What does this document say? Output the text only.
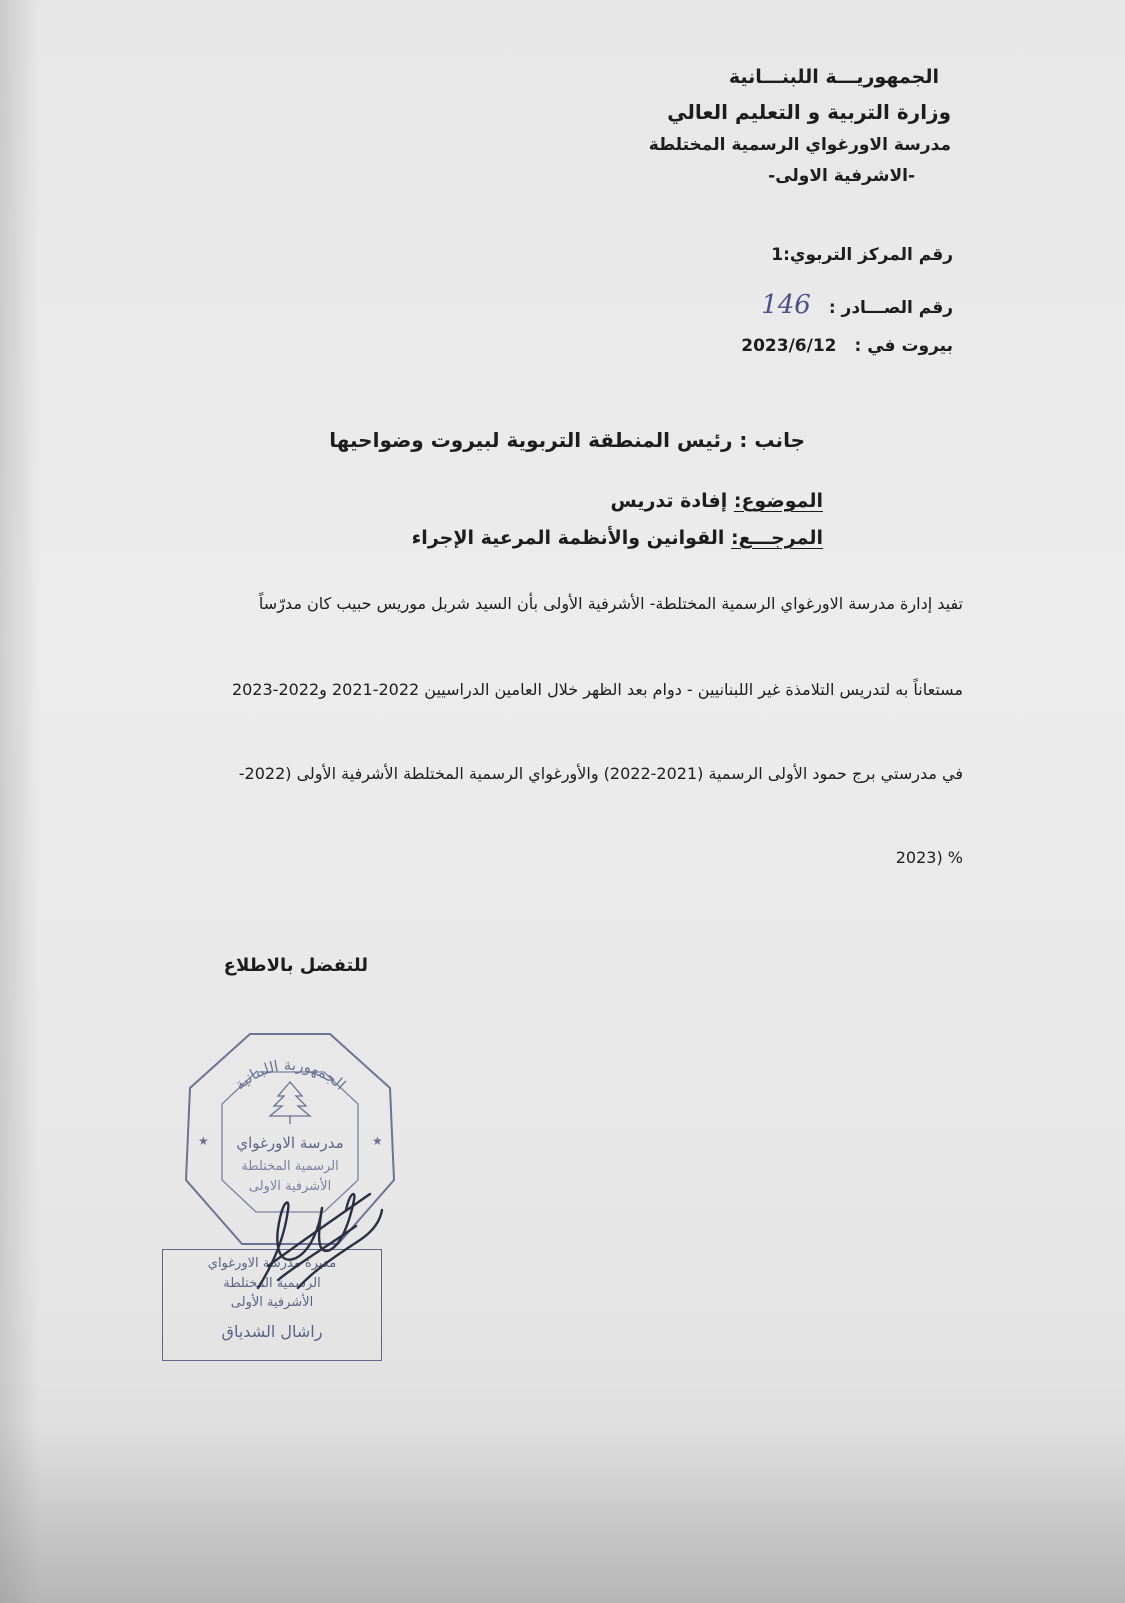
الجمهوريـــة اللبنـــانية
وزارة التربية و التعليم العالي
مدرسة الاورغواي الرسمية المختلطة
-الاشرفية الاولى-
رقم المركز التربوي:1
رقم الصـــادر :146
بيروت في :2023/6/12
جانب : رئيس المنطقة التربوية لبيروت وضواحيها
الموضوع: إفادة تدريس
المرجـــع: القوانين والأنظمة المرعية الإجراء
تفيد إدارة مدرسة الاورغواي الرسمية المختلطة- الأشرفية الأولى بأن السيد شربل موريس حبيب كان مدرّساً
مستعاناً به لتدريس التلامذة غير اللبنانيين - دوام بعد الظهر خلال العامين الدراسيين 2022-2021 و2022-2023
في مدرستي برج حمود الأولى الرسمية (2021-2022) والأورغواي الرسمية المختلطة الأشرفية الأولى (2022-
2023) %
للتفضل بالاطلاع
الجمهورية اللبنانية
★	★
مدرسة الاورغواي
الرسمية المختلطة
الأشرفية الاولى
مديرة مدرسة الاورغواي
الرسمية المختلطة
الأشرفية الأولى
راشال الشدياق
